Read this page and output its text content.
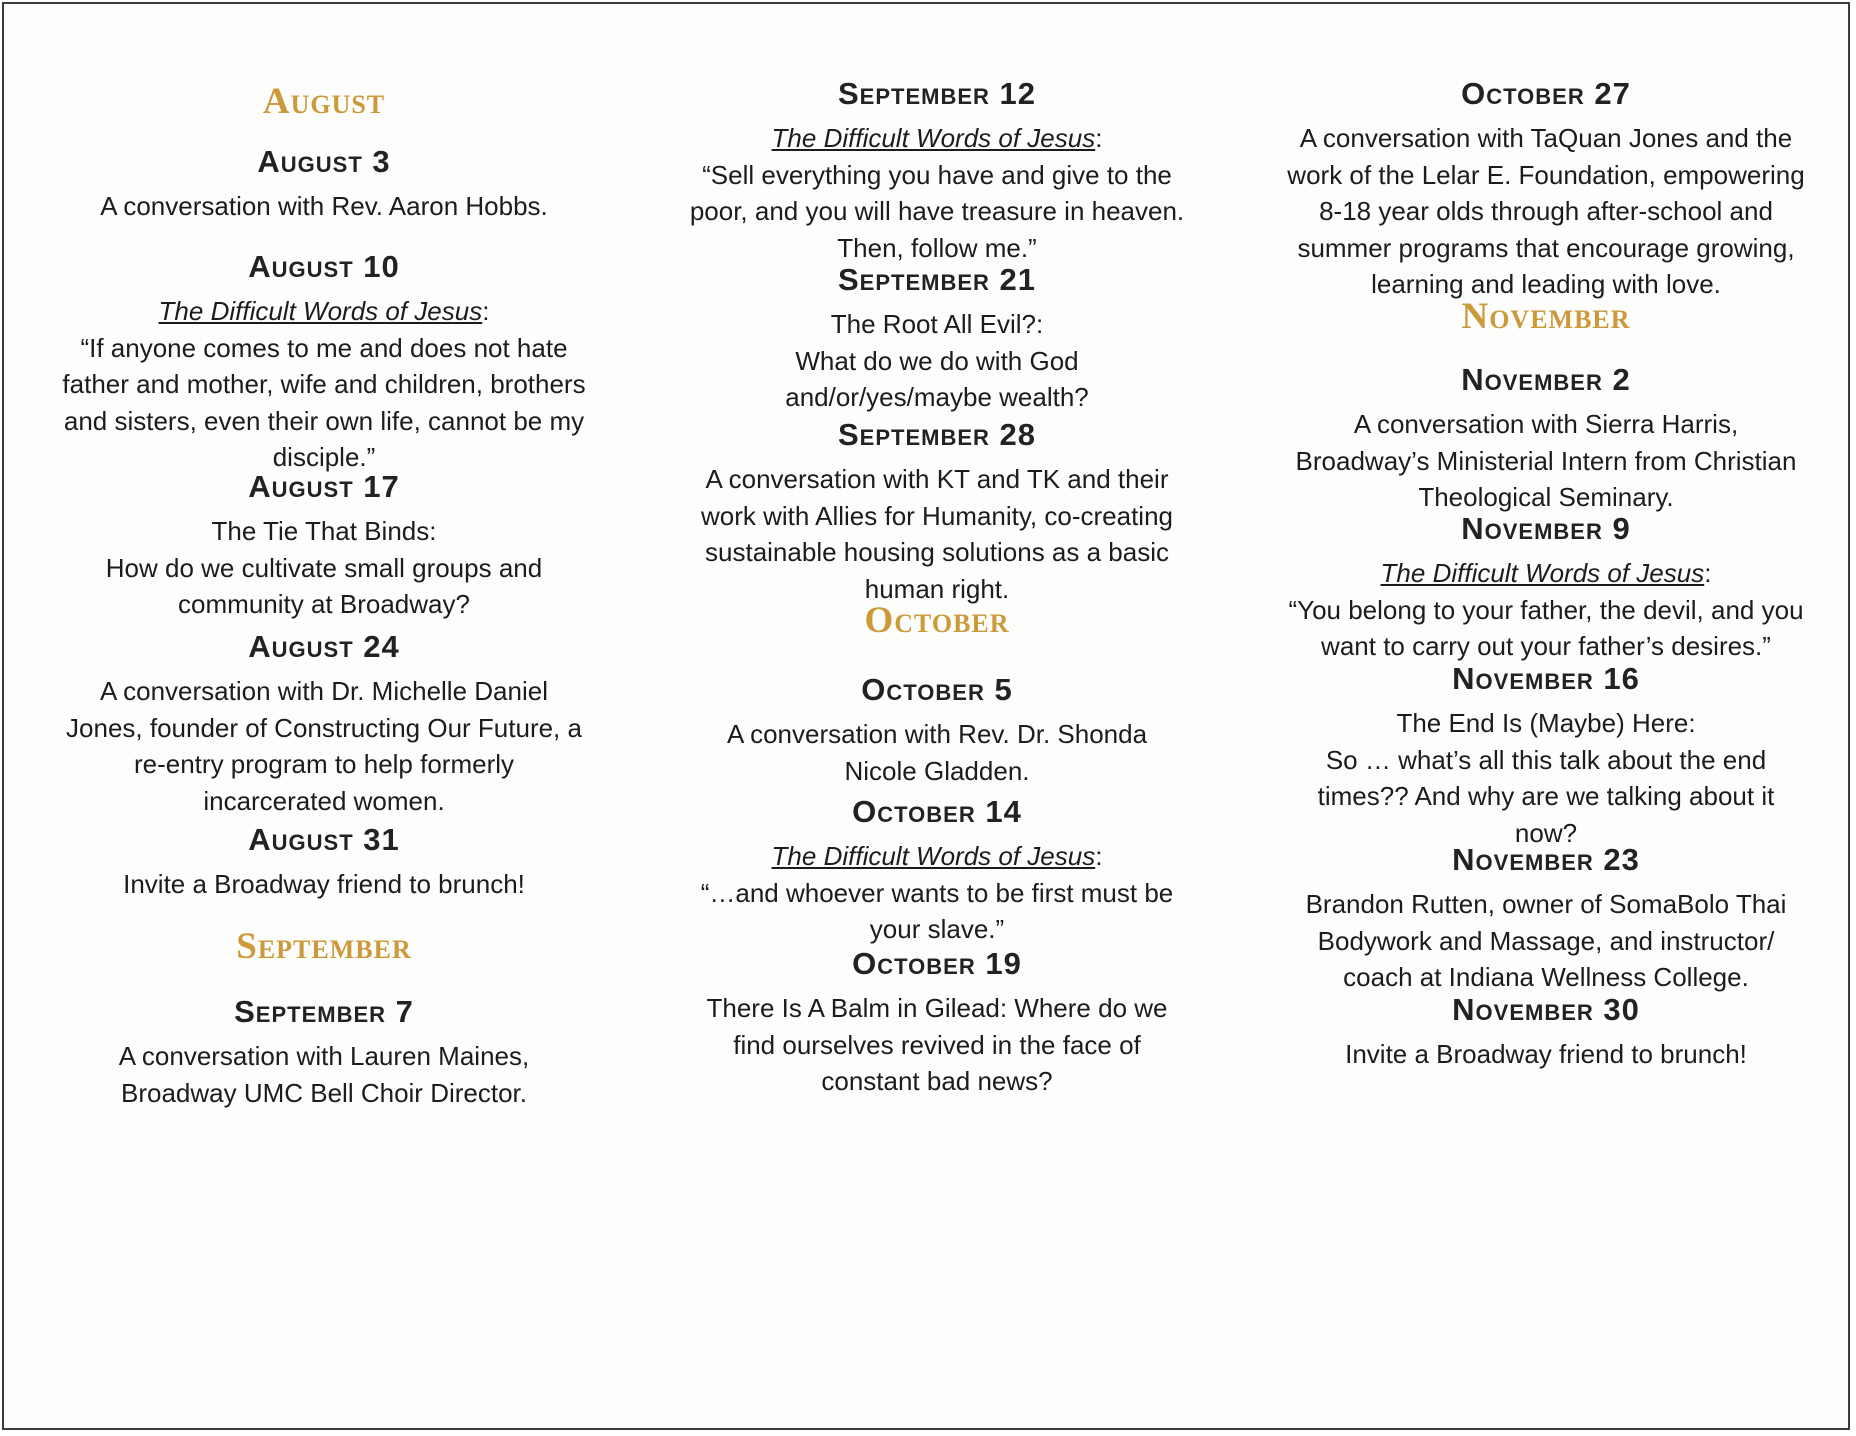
August
August 3
A conversation with Rev. Aaron Hobbs.
August 10
The Difficult Words of Jesus:
“If anyone comes to me and does not hate
father and mother, wife and children, brothers
and sisters, even their own life, cannot be my
disciple.”
August 17
The Tie That Binds:
How do we cultivate small groups and
community at Broadway?
August 24
A conversation with Dr. Michelle Daniel
Jones, founder of Constructing Our Future, a
re-entry program to help formerly
incarcerated women.
August 31
Invite a Broadway friend to brunch!
September
September 7
A conversation with Lauren Maines,
Broadway UMC Bell Choir Director.
September 12
The Difficult Words of Jesus:
“Sell everything you have and give to the
poor, and you will have treasure in heaven.
Then, follow me.”
September 21
The Root All Evil?:
What do we do with God
and/or/yes/maybe wealth?
September 28
A conversation with KT and TK and their
work with Allies for Humanity, co-creating
sustainable housing solutions as a basic
human right.
October
October 5
A conversation with Rev. Dr. Shonda
Nicole Gladden.
October 14
The Difficult Words of Jesus:
“…and whoever wants to be first must be
your slave.”
October 19
There Is A Balm in Gilead: Where do we
find ourselves revived in the face of
constant bad news?
October 27
A conversation with TaQuan Jones and the
work of the Lelar E. Foundation, empowering
8-18 year olds through after-school and
summer programs that encourage growing,
learning and leading with love.
November
November 2
A conversation with Sierra Harris,
Broadway’s Ministerial Intern from Christian
Theological Seminary.
November 9
The Difficult Words of Jesus:
“You belong to your father, the devil, and you
want to carry out your father’s desires.”
November 16
The End Is (Maybe) Here:
So … what’s all this talk about the end
times?? And why are we talking about it
now?
November 23
Brandon Rutten, owner of SomaBolo Thai
Bodywork and Massage, and instructor/
coach at Indiana Wellness College.
November 30
Invite a Broadway friend to brunch!
